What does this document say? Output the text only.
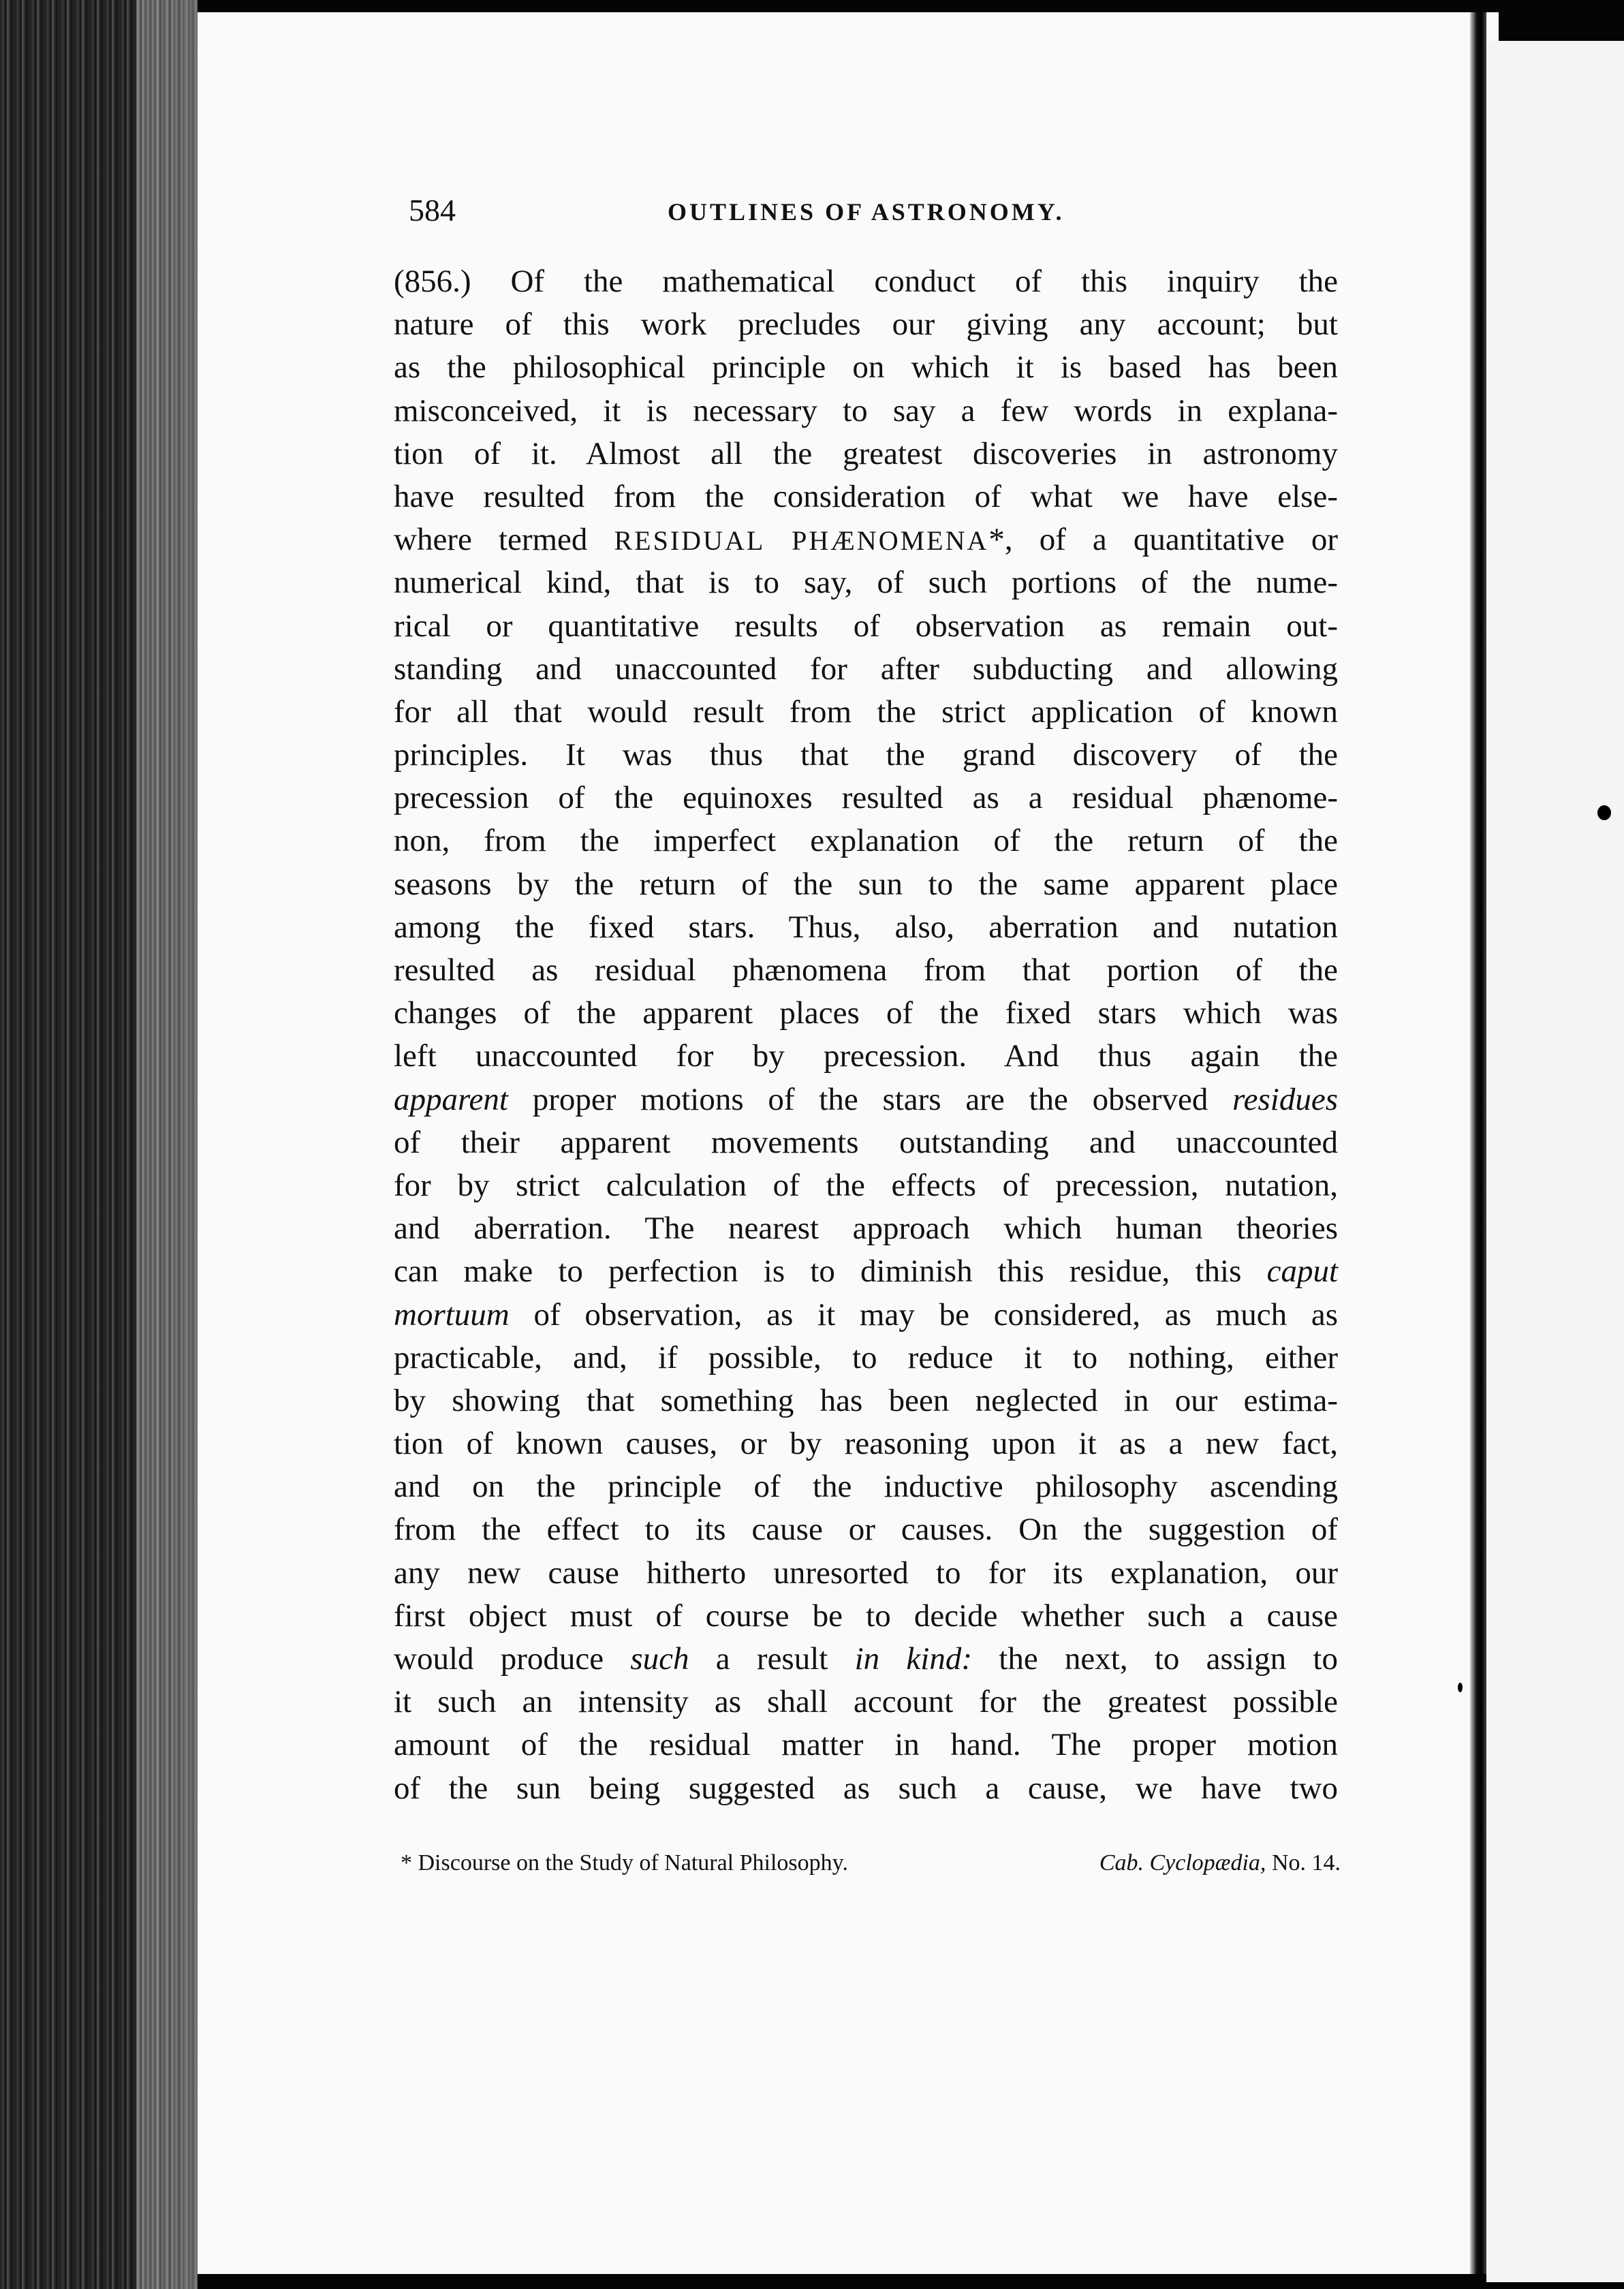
584	OUTLINES OF ASTRONOMY.
(856.) Of the mathematical conduct of this inquiry the
nature of this work precludes our giving any account; but
as the philosophical principle on which it is based has been
misconceived, it is necessary to say a few words in explana-
tion of it. Almost all the greatest discoveries in astronomy
have resulted from the consideration of what we have else-
where termed RESIDUAL PHÆNOMENA*, of a quantitative or
numerical kind, that is to say, of such portions of the nume-
rical or quantitative results of observation as remain out-
standing and unaccounted for after subducting and allowing
for all that would result from the strict application of known
principles. It was thus that the grand discovery of the
precession of the equinoxes resulted as a residual phænome-
non, from the imperfect explanation of the return of the
seasons by the return of the sun to the same apparent place
among the fixed stars. Thus, also, aberration and nutation
resulted as residual phænomena from that portion of the
changes of the apparent places of the fixed stars which was
left unaccounted for by precession. And thus again the
apparent proper motions of the stars are the observed residues
of their apparent movements outstanding and unaccounted
for by strict calculation of the effects of precession, nutation,
and aberration. The nearest approach which human theories
can make to perfection is to diminish this residue, this caput
mortuum of observation, as it may be considered, as much as
practicable, and, if possible, to reduce it to nothing, either
by showing that something has been neglected in our estima-
tion of known causes, or by reasoning upon it as a new fact,
and on the principle of the inductive philosophy ascending
from the effect to its cause or causes. On the suggestion of
any new cause hitherto unresorted to for its explanation, our
first object must of course be to decide whether such a cause
would produce such a result in kind: the next, to assign to
it such an intensity as shall account for the greatest possible
amount of the residual matter in hand. The proper motion
of the sun being suggested as such a cause, we have two
* Discourse on the Study of Natural Philosophy.	Cab. Cyclopædia, No. 14.
